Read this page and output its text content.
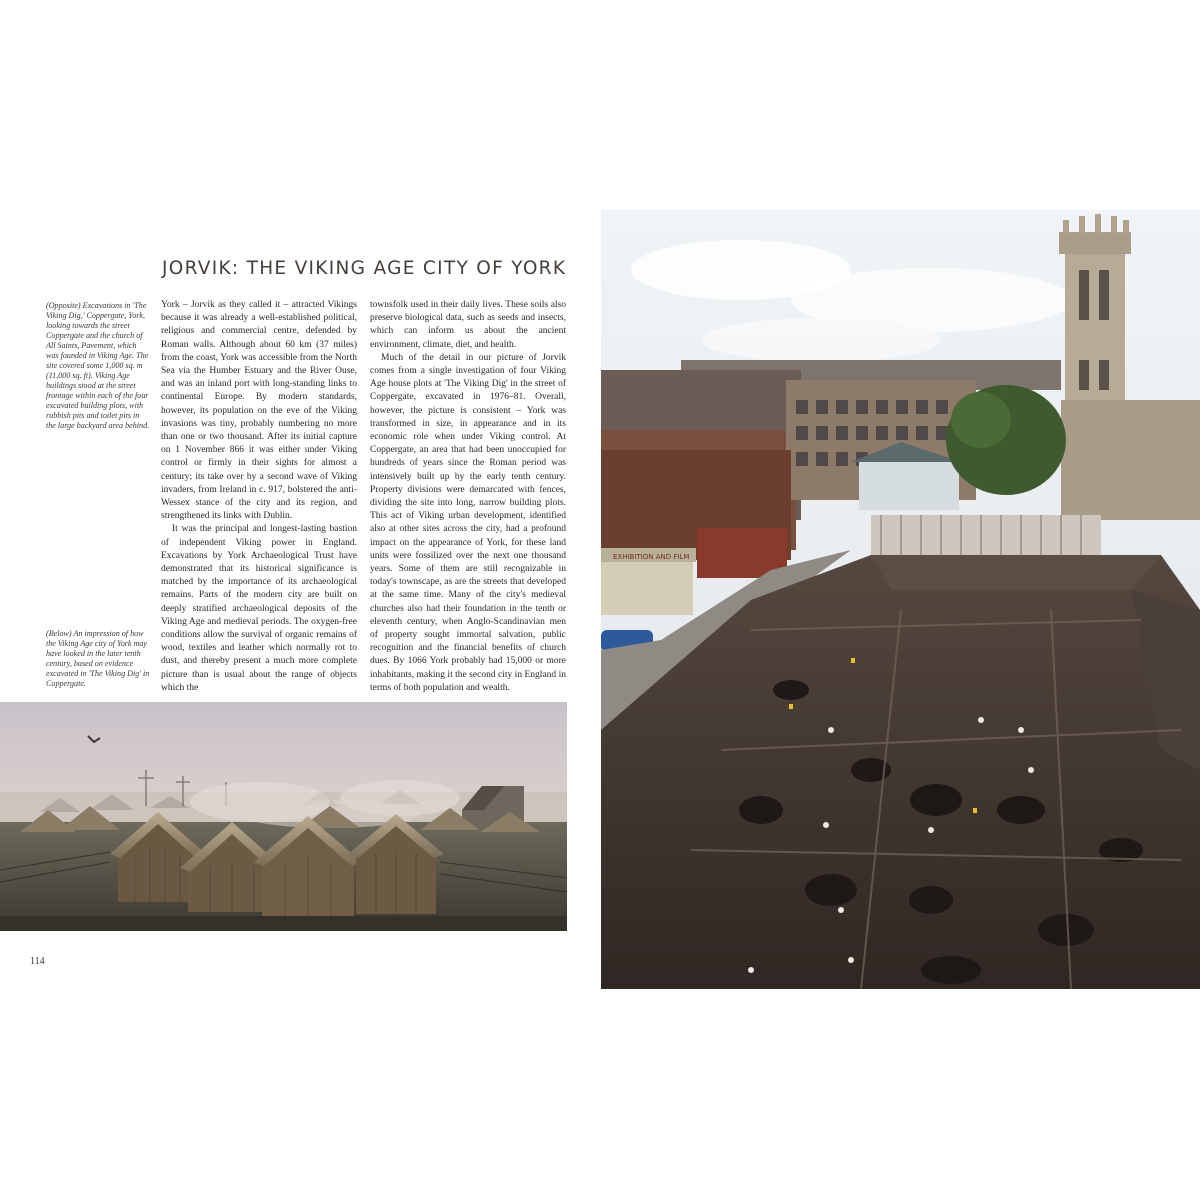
(Opposite) Excavations in 'The Viking Dig,' Coppergate, York, looking towards the street Coppergate and the church of All Saints, Pavement, which was founded in Viking Age. The site covered some 1,000 sq. m (11,000 sq. ft). Viking Age buildings stood at the street frontage within each of the four excavated building plots, with rubbish pits and toilet pits in the large backyard area behind.
JORVIK: THE VIKING AGE CITY OF YORK

York – Jorvik as they called it – attracted Vikings because it was already a well-established political, religious and commercial centre, defended by Roman walls. Although about 60 km (37 miles) from the coast, York was accessible from the North Sea via the Humber Estuary and the River Ouse, and was an inland port with long-standing links to continental Europe. By modern standards, however, its population on the eve of the Viking invasions was tiny, probably numbering no more than one or two thousand. After its initial capture on 1 November 866 it was either under Viking control or firmly in their sights for almost a century; its take over by a second wave of Viking invaders, from Ireland in c. 917, bolstered the anti-Wessex stance of the city and its region, and strengthened its links with Dublin.

It was the principal and longest-lasting bastion of independent Viking power in England. Excavations by York Archaeological Trust have demonstrated that its historical significance is matched by the importance of its archaeological remains. Parts of the modern city are built on deeply stratified archaeological deposits of the Viking Age and medieval periods. The oxygen-free conditions allow the survival of organic remains of wood, textiles and leather which normally rot to dust, and thereby present a much more complete picture than is usual about the range of objects which the

townsfolk used in their daily lives. These soils also preserve biological data, such as seeds and insects, which can inform us about the ancient environment, climate, diet, and health.

Much of the detail in our picture of Jorvik comes from a single investigation of four Viking Age house plots at 'The Viking Dig' in the street of Coppergate, excavated in 1976–81. Overall, however, the picture is consistent – York was transformed in size, in appearance and in its economic role when under Viking control. At Coppergate, an area that had been unoccupied for hundreds of years since the Roman period was intensively built up by the early tenth century. Property divisions were demarcated with fences, dividing the site into long, narrow building plots. This act of Viking urban development, identified also at other sites across the city, had a profound impact on the appearance of York, for these land units were fossilized over the next one thousand years. Some of them are still recognizable in today's townscape, as are the streets that developed at the same time. Many of the city's medieval churches also had their foundation in the tenth or eleventh century, when Anglo-Scandinavian men of property sought immortal salvation, public recognition and the financial benefits of church dues. By 1066 York probably had 15,000 or more inhabitants, making it the second city in England in terms of both population and wealth.

(Below) An impression of how the Viking Age city of York may have looked in the later tenth century, based on evidence excavated in 'The Viking Dig' in Coppergate.
EXHIBITION AND FILM
114
